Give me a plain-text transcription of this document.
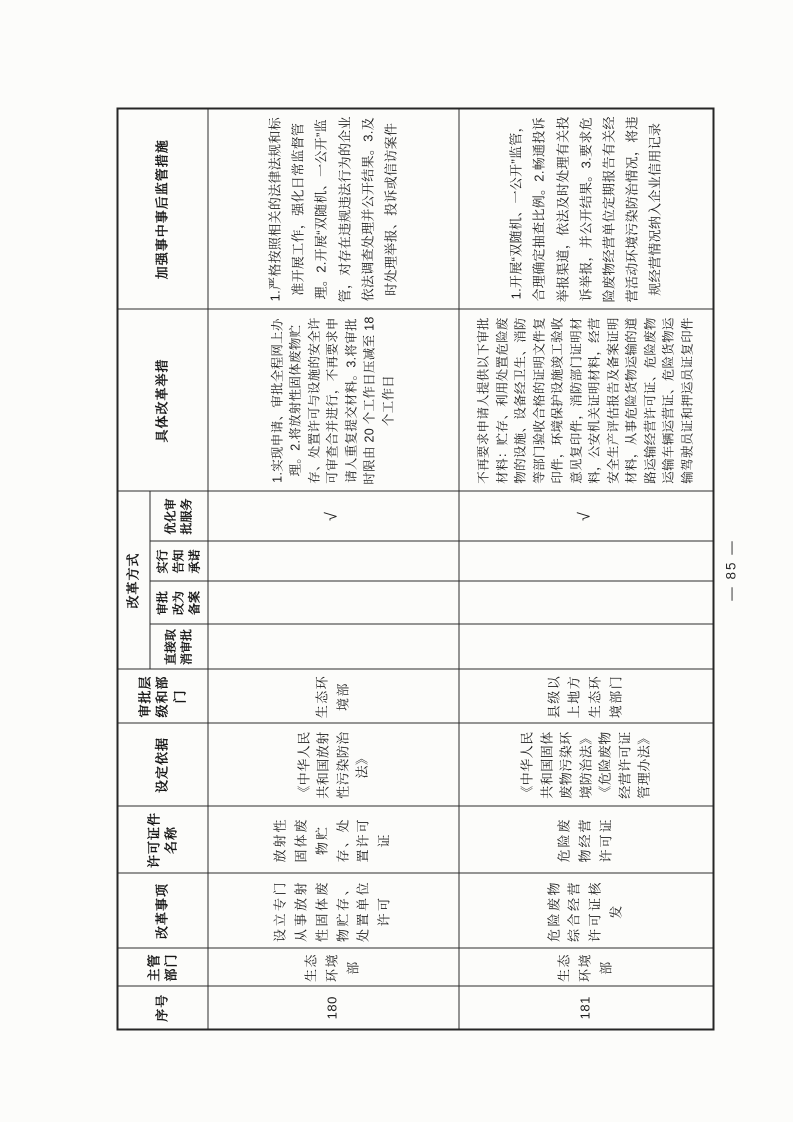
序号	主管部门	改革事项	许可证件名称	设定依据	审批层级和部门	改革方式				具体改革举措	加强事中事后监管措施
						直接取消审批	审批改为备案	实行告知承诺	优化审批服务		
180	生态环境部	设立专门从事放射性固体废物贮存、处置单位许可	放射性固体废物贮存、处置许可证	《中华人民共和国放射性污染防治法》	生态环境部				√	1.实现申请、审批全程网上办理。2.将放射性固体废物贮存、处置许可与设施的安全许可审查合并进行，不再要求申请人重复提交材料。3.将审批时限由 20 个工作日压减至 18 个工作日	1.严格按照相关的法律法规和标准开展工作，强化日常监督管理。2.开展“双随机、一公开”监管，对存在违规违法行为的企业依法调查处理并公开结果。3.及时处理举报、投诉或信访案件
181	生态环境部	危险废物综合经营许可证核发	危险废物经营许可证	《中华人民共和国固体废物污染环境防治法》《危险废物经营许可证管理办法》	县级以上地方生态环境部门				√	不再要求申请人提供以下审批材料：贮存、利用处置危险废物的设施、设备经卫生、消防等部门验收合格的证明文件复印件，环境保护设施竣工验收意见复印件，消防部门证明材料，公安机关证明材料，经营安全生产评估报告及备案证明材料，从事危险货物运输的道路运输经营许可证、危险废物运输车辆运营证、危险货物运输驾驶员证和押运员证复印件	1.开展“双随机、一公开”监管，合理确定抽查比例。2.畅通投诉举报渠道，依法及时处理有关投诉举报，并公开结果。3.要求危险废物经营单位定期报告有关经营活动环境污染防治情况，将违规经营情况纳入企业信用记录
— 85 —
